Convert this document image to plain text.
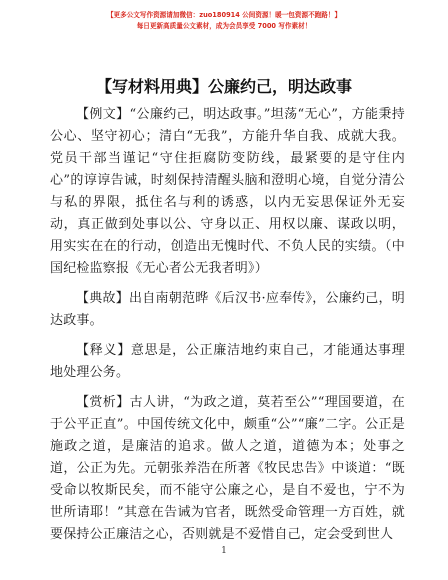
【更多公文写作资源请加微信：zuo180914 公间资源！暖一包资源不跑路！】
每日更新高质量公文素材，成为会员享受 7000 写作素材！
【写材料用典】公廉约己，明达政事

【例文】“公廉约己，明达政事。”坦荡“无心”，方能秉持公心、坚守初心；清白“无我”，方能升华自我、成就大我。党员干部当谨记“守住拒腐防变防线，最紧要的是守住内心”的谆谆告诫，时刻保持清醒头脑和澄明心境，自觉分清公与私的界限，抵住名与利的诱惑，以内无妄思保证外无妄动，真正做到处事以公、守身以正、用权以廉、谋政以明，用实实在在的行动，创造出无愧时代、不负人民的实绩。（中国纪检监察报《无心者公无我者明》）

【典故】出自南朝范晔《后汉书·应奉传》，公廉约己，明达政事。

【释义】意思是，公正廉洁地约束自己，才能通达事理地处理公务。

【赏析】古人讲，“为政之道，莫若至公”“理国要道，在于公平正直”。中国传统文化中，颇重“公”“廉”二字。公正是施政之道，是廉洁的追求。做人之道，道德为本；处事之道，公正为先。元朝张养浩在所著《牧民忠告》中谈道：“既受命以牧斯民矣，而不能守公廉之心，是自不爱也，宁不为世所请耶！”其意在告诫为官者，既然受命管理一方百姓，就要保持公正廉洁之心，否则就是不爱惜自己，定会受到世人

1
